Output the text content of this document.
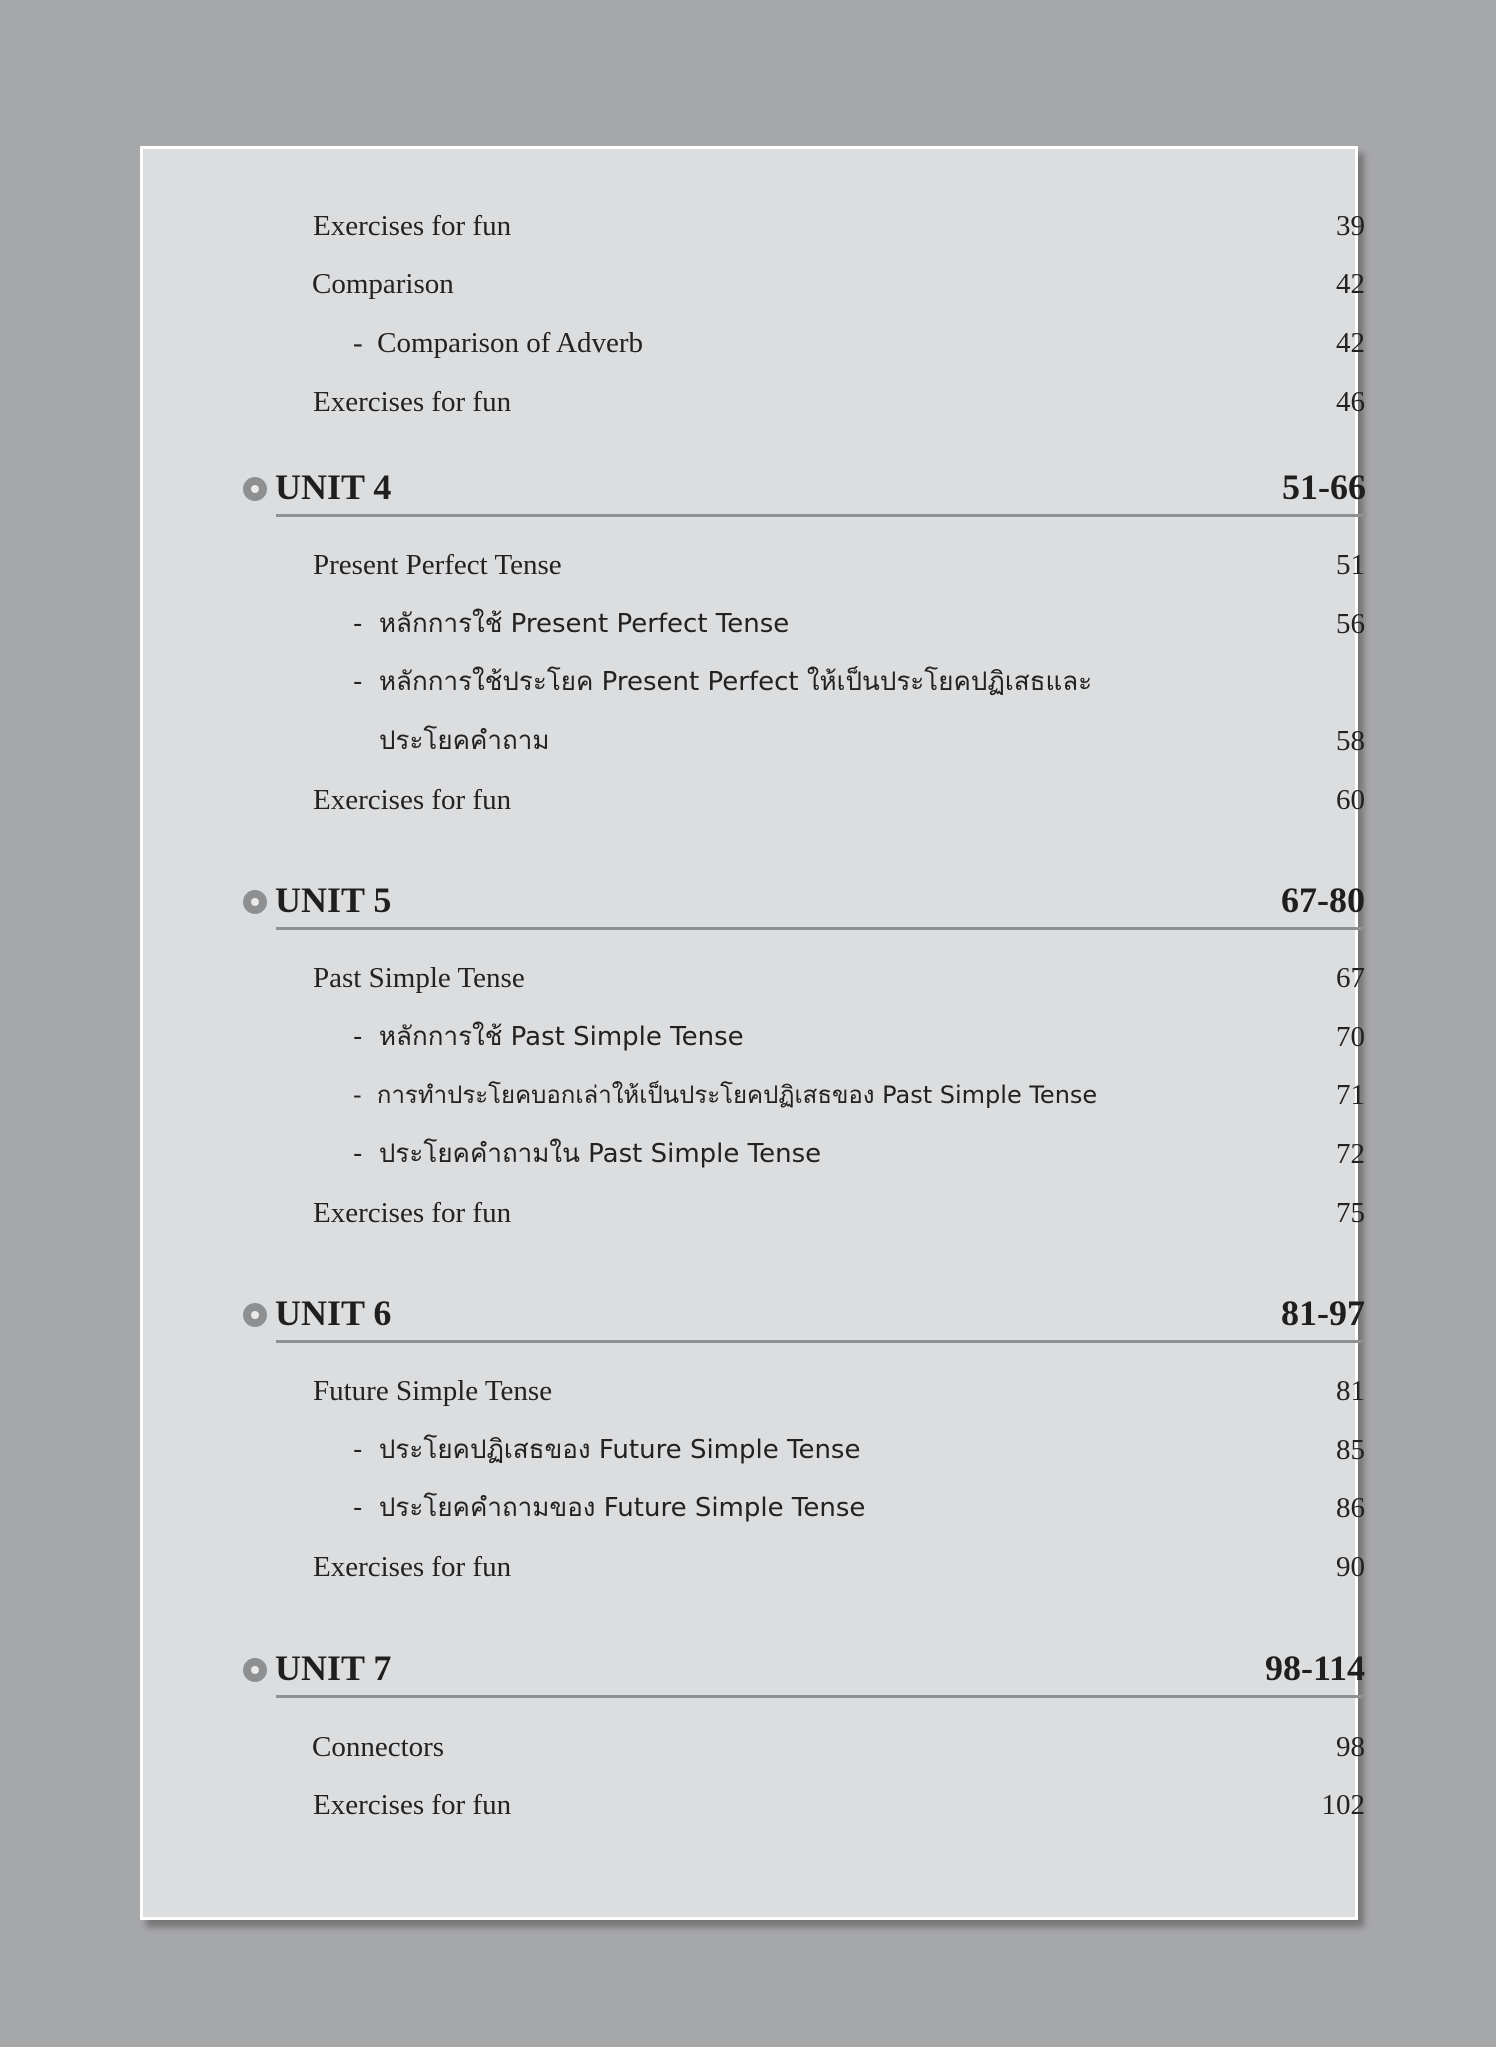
Exercises for fun	39
Comparison	42
-  Comparison of Adverb	42
Exercises for fun	46
UNIT 4	51-66
Present Perfect Tense	51
-  หลักการใช้ Present Perfect Tense	56
-  หลักการใช้ประโยค Present Perfect ให้เป็นประโยคปฏิเสธและ
ประโยคคำถาม	58
Exercises for fun	60
UNIT 5	67-80
Past Simple Tense	67
-  หลักการใช้ Past Simple Tense	70
-  การทำประโยคบอกเล่าให้เป็นประโยคปฏิเสธของ Past Simple Tense	71
-  ประโยคคำถามใน Past Simple Tense	72
Exercises for fun	75
UNIT 6	81-97
Future Simple Tense	81
-  ประโยคปฏิเสธของ Future Simple Tense	85
-  ประโยคคำถามของ Future Simple Tense	86
Exercises for fun	90
UNIT 7	98-114
Connectors	98
Exercises for fun	102
